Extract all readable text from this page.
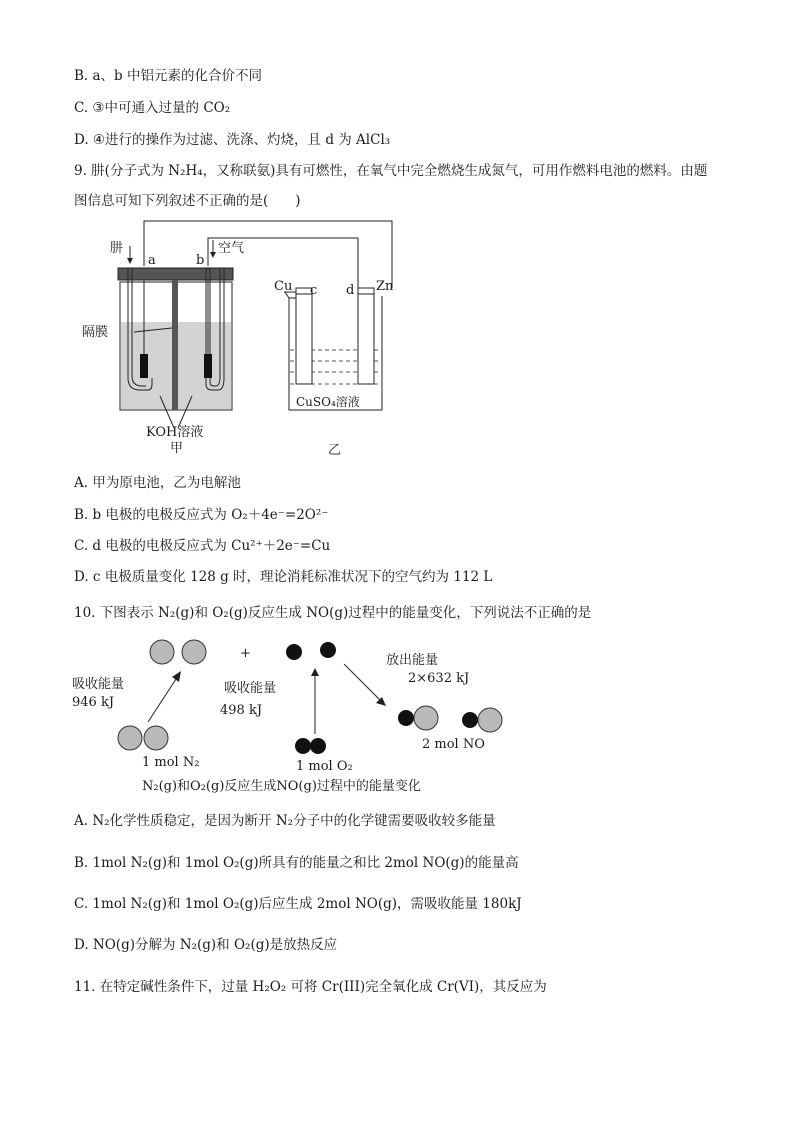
B. a、b 中铝元素的化合价不同
C. ③中可通入过量的 CO₂
D. ④进行的操作为过滤、洗涤、灼烧，且 d 为 AlCl₃
9. 肼(分子式为 N₂H₄，又称联氨)具有可燃性，在氧气中完全燃烧生成氮气，可用作燃料电池的燃料。由题
图信息可知下列叙述不正确的是(　　)
肼
a	b
空气
隔膜
KOH溶液
甲
Cu c d Zn
CuSO₄溶液
乙
A. 甲为原电池，乙为电解池
B. b 电极的电极反应式为 O₂＋4e⁻=2O²⁻
C. d 电极的电极反应式为 Cu²⁺＋2e⁻=Cu
D. c 电极质量变化 128 g 时，理论消耗标准状况下的空气约为 112 L
10. 下图表示 N₂(g)和 O₂(g)反应生成 NO(g)过程中的能量变化，下列说法不正确的是
+
吸收能量
946 kJ
吸收能量
498 kJ
放出能量
2×632 kJ
1 mol N₂	1 mol O₂
2 mol NO
N₂(g)和O₂(g)反应生成NO(g)过程中的能量变化
A. N₂化学性质稳定，是因为断开 N₂分子中的化学键需要吸收较多能量
B. 1mol N₂(g)和 1mol O₂(g)所具有的能量之和比 2mol NO(g)的能量高
C. 1mol N₂(g)和 1mol O₂(g)后应生成 2mol NO(g)，需吸收能量 180kJ
D. NO(g)分解为 N₂(g)和 O₂(g)是放热反应
11. 在特定碱性条件下，过量 H₂O₂ 可将 Cr(III)完全氧化成 Cr(VI)，其反应为
